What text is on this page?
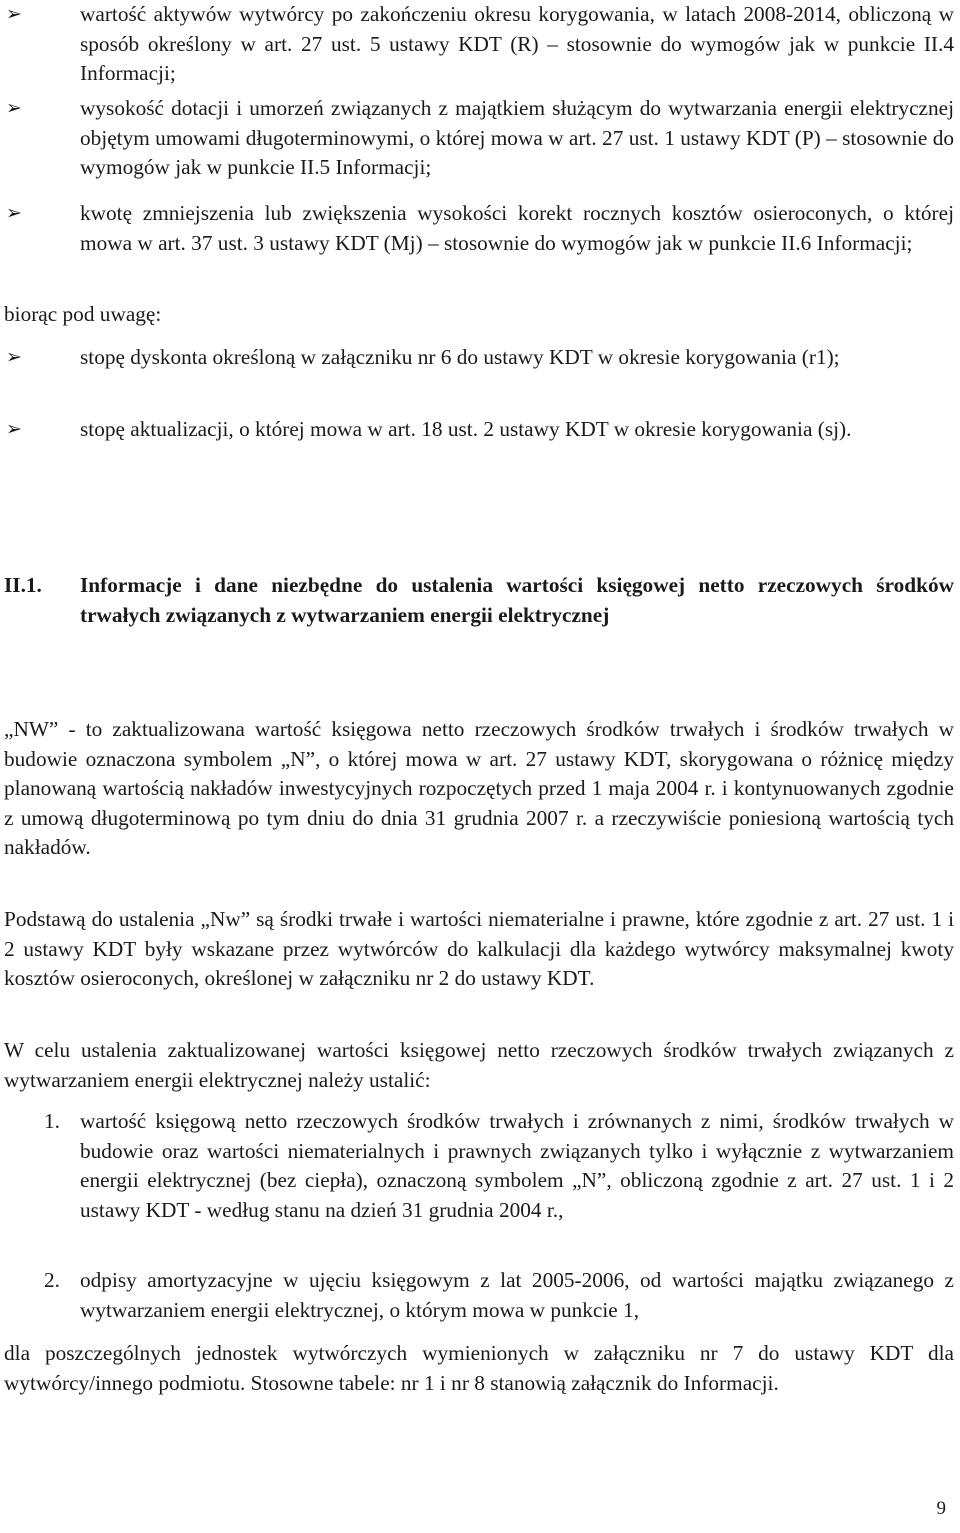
➢	wartość aktywów wytwórcy po zakończeniu okresu korygowania, w latach 2008-2014, obliczoną w sposób określony w art. 27 ust. 5 ustawy KDT (R) – stosownie do wymogów jak w punkcie II.4 Informacji;
➢	wysokość dotacji i umorzeń związanych z majątkiem służącym do wytwarzania energii elektrycznej objętym umowami długoterminowymi, o której mowa w art. 27 ust. 1 ustawy KDT (P) – stosownie do wymogów jak w punkcie II.5 Informacji;
➢	kwotę zmniejszenia lub zwiększenia wysokości korekt rocznych kosztów osieroconych, o której mowa w art. 37 ust. 3 ustawy KDT (Mj) – stosownie do wymogów jak w punkcie II.6 Informacji;
biorąc pod uwagę:
➢	stopę dyskonta określoną w załączniku nr 6 do ustawy KDT w okresie korygowania (r1);
➢	stopę aktualizacji, o której mowa w art. 18 ust. 2 ustawy KDT w okresie korygowania (sj).
II.1. Informacje i dane niezbędne do ustalenia wartości księgowej netto rzeczowych środków trwałych związanych z wytwarzaniem energii elektrycznej
„NW” - to zaktualizowana wartość księgowa netto rzeczowych środków trwałych i środków trwałych w budowie oznaczona symbolem „N”, o której mowa w art. 27 ustawy KDT, skorygowana o różnicę między planowaną wartością nakładów inwestycyjnych rozpoczętych przed 1 maja 2004 r. i kontynuowanych zgodnie z umową długoterminową po tym dniu do dnia 31 grudnia 2007 r. a rzeczywiście poniesioną wartością tych nakładów.
Podstawą do ustalenia „Nw” są środki trwałe i wartości niematerialne i prawne, które zgodnie z art. 27 ust. 1 i 2 ustawy KDT były wskazane przez wytwórców do kalkulacji dla każdego wytwórcy maksymalnej kwoty kosztów osieroconych, określonej w załączniku nr 2 do ustawy KDT.
W celu ustalenia zaktualizowanej wartości księgowej netto rzeczowych środków trwałych związanych z wytwarzaniem energii elektrycznej należy ustalić:
1. wartość księgową netto rzeczowych środków trwałych i zrównanych z nimi, środków trwałych w budowie oraz wartości niematerialnych i prawnych związanych tylko i wyłącznie z wytwarzaniem energii elektrycznej (bez ciepła), oznaczoną symbolem „N”, obliczoną zgodnie z art. 27 ust. 1 i 2 ustawy KDT - według stanu na dzień 31 grudnia 2004 r.,
2. odpisy amortyzacyjne w ujęciu księgowym z lat 2005-2006, od wartości majątku związanego z wytwarzaniem energii elektrycznej, o którym mowa w punkcie 1,
dla poszczególnych jednostek wytwórczych wymienionych w załączniku nr 7 do ustawy KDT dla wytwórcy/innego podmiotu. Stosowne tabele: nr 1 i nr 8 stanowią załącznik do Informacji.
9
